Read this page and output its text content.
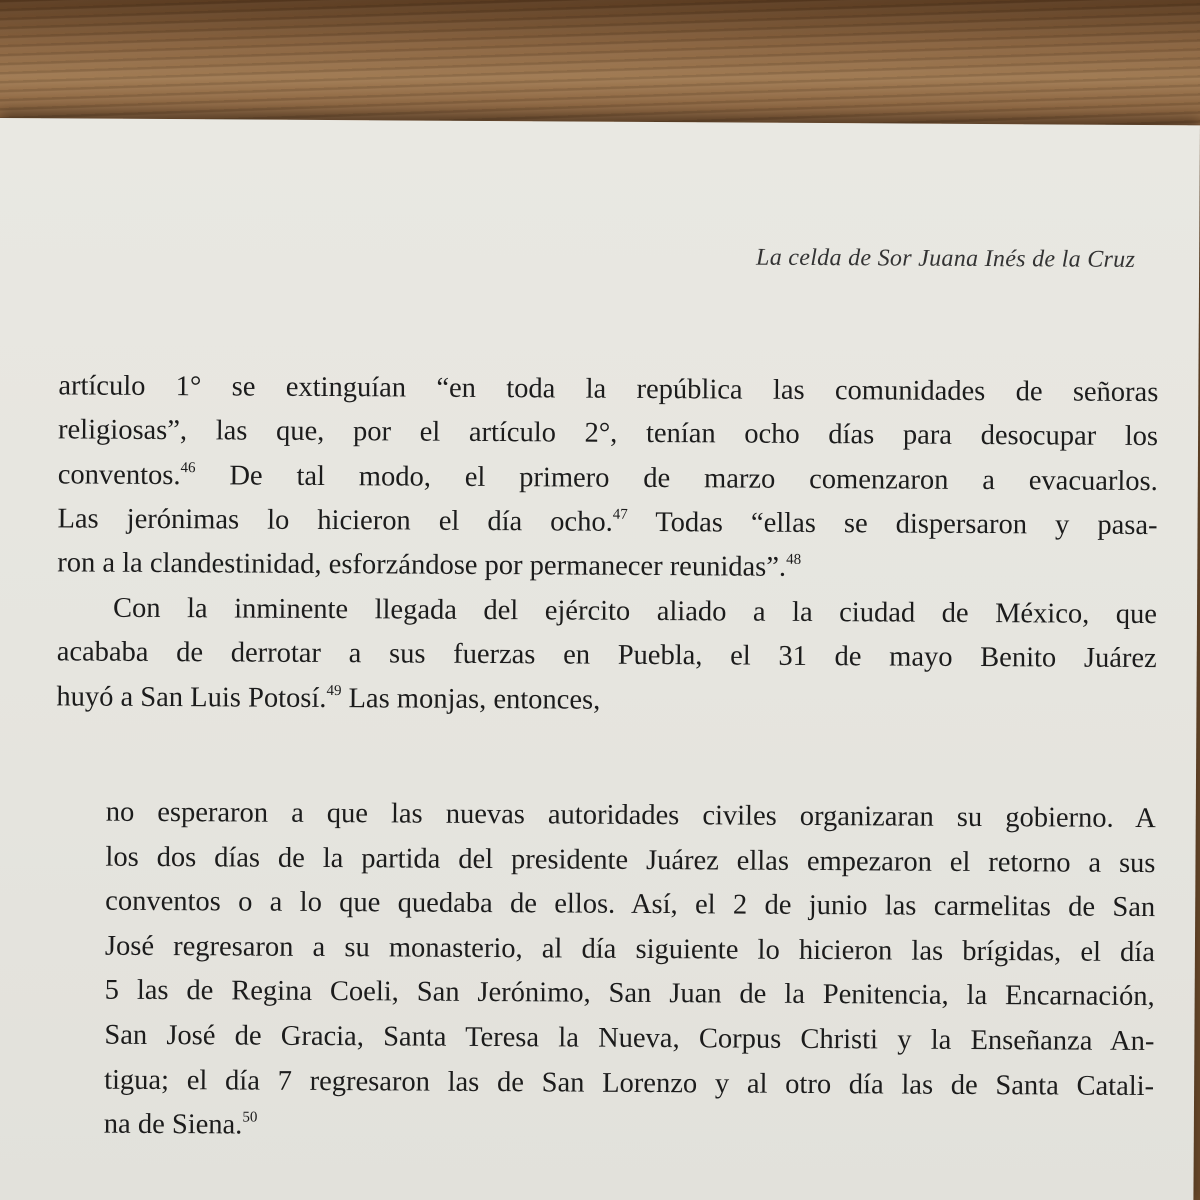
La celda de Sor Juana Inés de la Cruz
artículo 1° se extinguían “en toda la república las comunidades de señoras
religiosas”, las que, por el artículo 2°, tenían ocho días para desocupar los
conventos.$^{46}$ De tal modo, el primero de marzo comenzaron a evacuarlos.
Las jerónimas lo hicieron el día ocho.$^{47}$ Todas “ellas se dispersaron y pasa-
ron a la clandestinidad, esforzándose por permanecer reunidas”.$^{48}$
Con la inminente llegada del ejército aliado a la ciudad de México, que
acababa de derrotar a sus fuerzas en Puebla, el 31 de mayo Benito Juárez
huyó a San Luis Potosí.$^{49}$ Las monjas, entonces,
no esperaron a que las nuevas autoridades civiles organizaran su gobierno. A
los dos días de la partida del presidente Juárez ellas empezaron el retorno a sus
conventos o a lo que quedaba de ellos. Así, el 2 de junio las carmelitas de San
José regresaron a su monasterio, al día siguiente lo hicieron las brígidas, el día
5 las de Regina Coeli, San Jerónimo, San Juan de la Penitencia, la Encarnación,
San José de Gracia, Santa Teresa la Nueva, Corpus Christi y la Enseñanza An-
tigua; el día 7 regresaron las de San Lorenzo y al otro día las de Santa Catali-
na de Siena.$^{50}$
